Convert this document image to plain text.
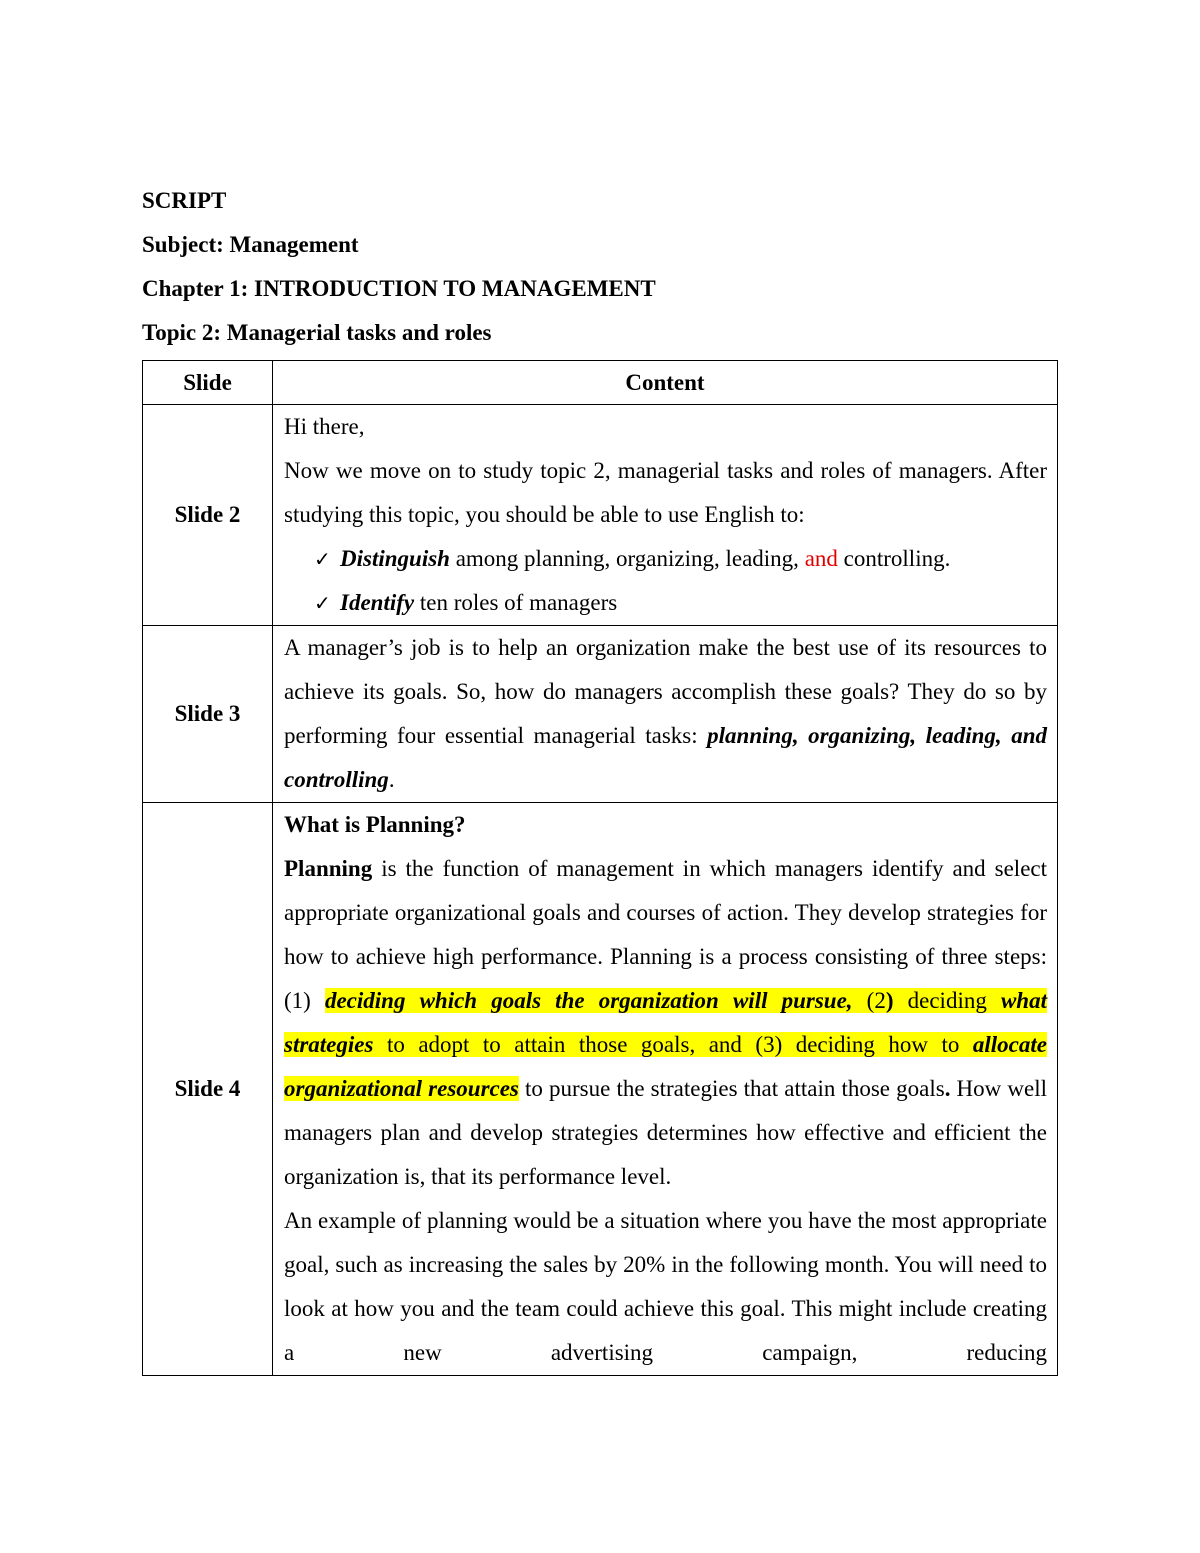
SCRIPT
Subject: Management
Chapter 1: INTRODUCTION TO MANAGEMENT
Topic 2: Managerial tasks and roles
Slide	Content
Slide 2	Hi there,
Now we move on to study topic 2, managerial tasks and roles of managers. After studying this topic, you should be able to use English to:
✓ Distinguish among planning, organizing, leading, and controlling.
✓ Identify ten roles of managers

Slide 3	A manager’s job is to help an organization make the best use of its resources to achieve its goals. So, how do managers accomplish these goals? They do so by performing four essential managerial tasks: planning, organizing, leading, and controlling.

Slide 4	What is Planning?
Planning is the function of management in which managers identify and select appropriate organizational goals and courses of action. They develop strategies for how to achieve high performance. Planning is a process consisting of three steps: (1) deciding which goals the organization will pursue, (2) deciding what strategies to adopt to attain those goals, and (3) deciding how to allocate organizational resources to pursue the strategies that attain those goals. How well managers plan and develop strategies determines how effective and efficient the organization is, that its performance level.
An example of planning would be a situation where you have the most appropriate goal, such as increasing the sales by 20% in the following month. You will need to look at how you and the team could achieve this goal. This might include creating a new advertising campaign, reducing
